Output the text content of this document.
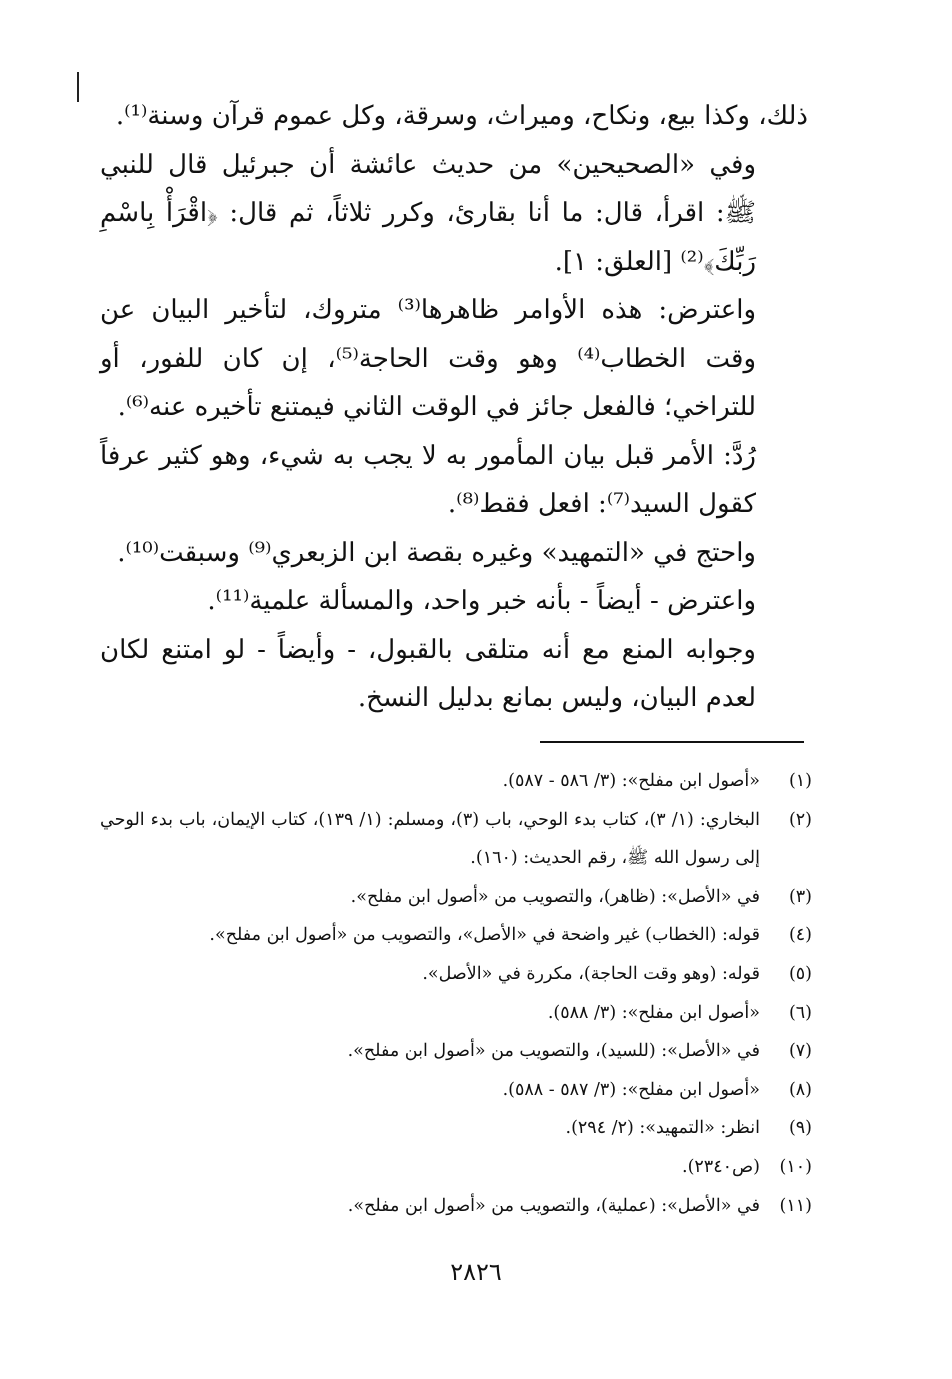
ذلك، وكذا بيع، ونكاح، وميراث، وسرقة، وكل عموم قرآن وسنة⁽¹⁾.

وفي «الصحيحين» من حديث عائشة أن جبرئيل قال للنبي ﷺ: اقرأ، قال: ما أنا بقارئ، وكرر ثلاثاً، ثم قال: ﴿اقْرَأْ بِاسْمِ رَبِّكَ﴾⁽²⁾ [العلق: ١].

واعترض: هذه الأوامر ظاهرها⁽³⁾ متروك، لتأخير البيان عن وقت الخطاب⁽⁴⁾ وهو وقت الحاجة⁽⁵⁾، إن كان للفور، أو للتراخي؛ فالفعل جائز في الوقت الثاني فيمتنع تأخيره عنه⁽⁶⁾.

رُدَّ: الأمر قبل بيان المأمور به لا يجب به شيء، وهو كثير عرفاً كقول السيد⁽⁷⁾: افعل فقط⁽⁸⁾.

واحتج في «التمهيد» وغيره بقصة ابن الزبعري⁽⁹⁾ وسبقت⁽¹⁰⁾.

واعترض - أيضاً - بأنه خبر واحد، والمسألة علمية⁽¹¹⁾.

وجوابه المنع مع أنه متلقى بالقبول، - وأيضاً - لو امتنع لكان لعدم البيان، وليس بمانع بدليل النسخ.

(١)
«أصول ابن مفلح»: (٣/ ٥٨٦ - ٥٨٧).
(٢)
البخاري: (١/ ٣)، كتاب بدء الوحي، باب (٣)، ومسلم: (١/ ١٣٩)، كتاب الإيمان، باب بدء الوحي إلى رسول الله ﷺ، رقم الحديث: (١٦٠).
(٣)
في «الأصل»: (ظاهر)، والتصويب من «أصول ابن مفلح».
(٤)
قوله: (الخطاب) غير واضحة في «الأصل»، والتصويب من «أصول ابن مفلح».
(٥)
قوله: (وهو وقت الحاجة)، مكررة في «الأصل».
(٦)
«أصول ابن مفلح»: (٣/ ٥٨٨).
(٧)
في «الأصل»: (للسيد)، والتصويب من «أصول ابن مفلح».
(٨)
«أصول ابن مفلح»: (٣/ ٥٨٧ - ٥٨٨).
(٩)
انظر: «التمهيد»: (٢/ ٢٩٤).
(١٠)
(ص٢٣٤٠).
(١١)
في «الأصل»: (عملية)، والتصويب من «أصول ابن مفلح».
٢٨٢٦
